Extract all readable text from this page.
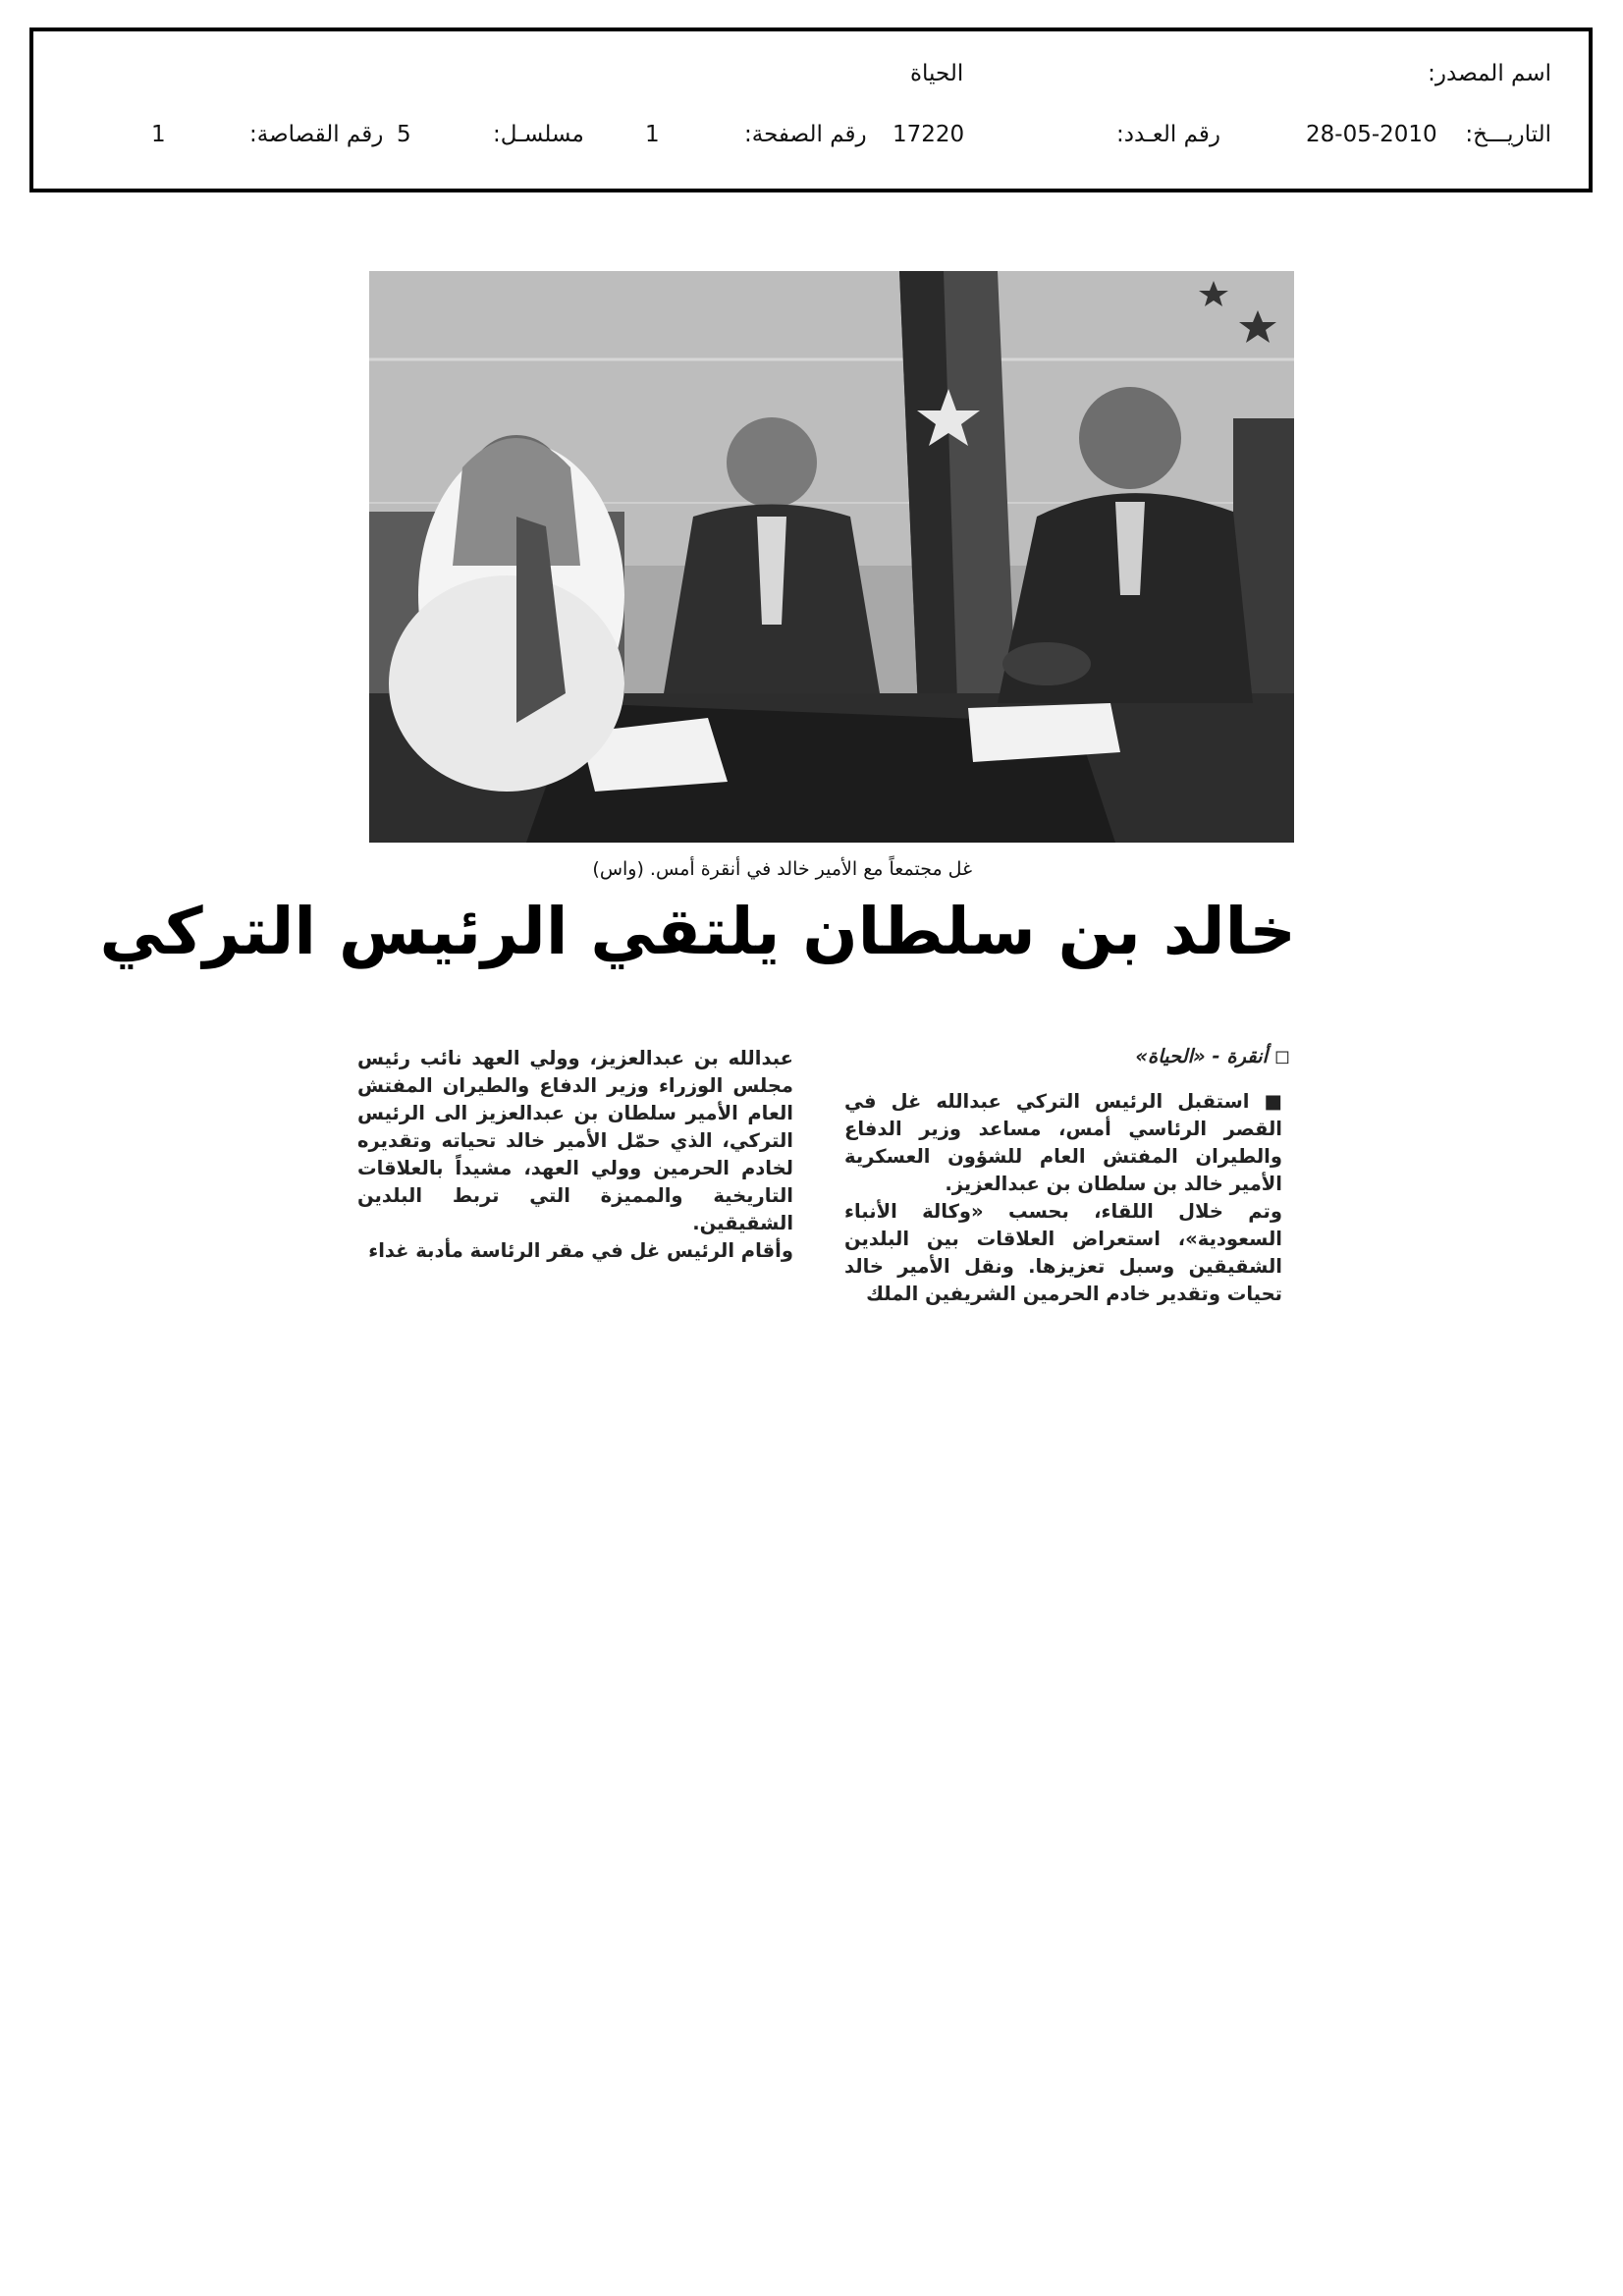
اسم المصدر:
الحياة
التاريـــخ:
28-05-2010
رقم العـدد:
17220
رقم الصفحة:
1
مسلسـل:
5
رقم القصاصة:
1
غل مجتمعاً مع الأمير خالد في أنقرة أمس. (واس)
خالد بن سلطان يلتقي الرئيس التركي

◻ أنقرة - «الحياة»

■ استقبل الرئيس التركي عبدالله غل في القصر الرئاسي أمس، مساعد وزير الدفاع والطيران المفتش العام للشؤون العسكرية الأمير خالد بن سلطان بن عبدالعزيز.

وتم خلال اللقاء، بحسب «وكالة الأنباء السعودية»، استعراض العلاقات بين البلدين الشقيقين وسبل تعزيزها. ونقل الأمير خالد تحيات وتقدير خادم الحرمين الشريفين الملك

عبدالله بن عبدالعزيز، وولي العهد نائب رئيس مجلس الوزراء وزير الدفاع والطيران المفتش العام الأمير سلطان بن عبدالعزيز الى الرئيس التركي، الذي حمّل الأمير خالد تحياته وتقديره لخادم الحرمين وولي العهد، مشيداً بالعلاقات التاريخية والمميزة التي تربط البلدين الشقيقين.

وأقام الرئيس غل في مقر الرئاسة مأدبة غداء
